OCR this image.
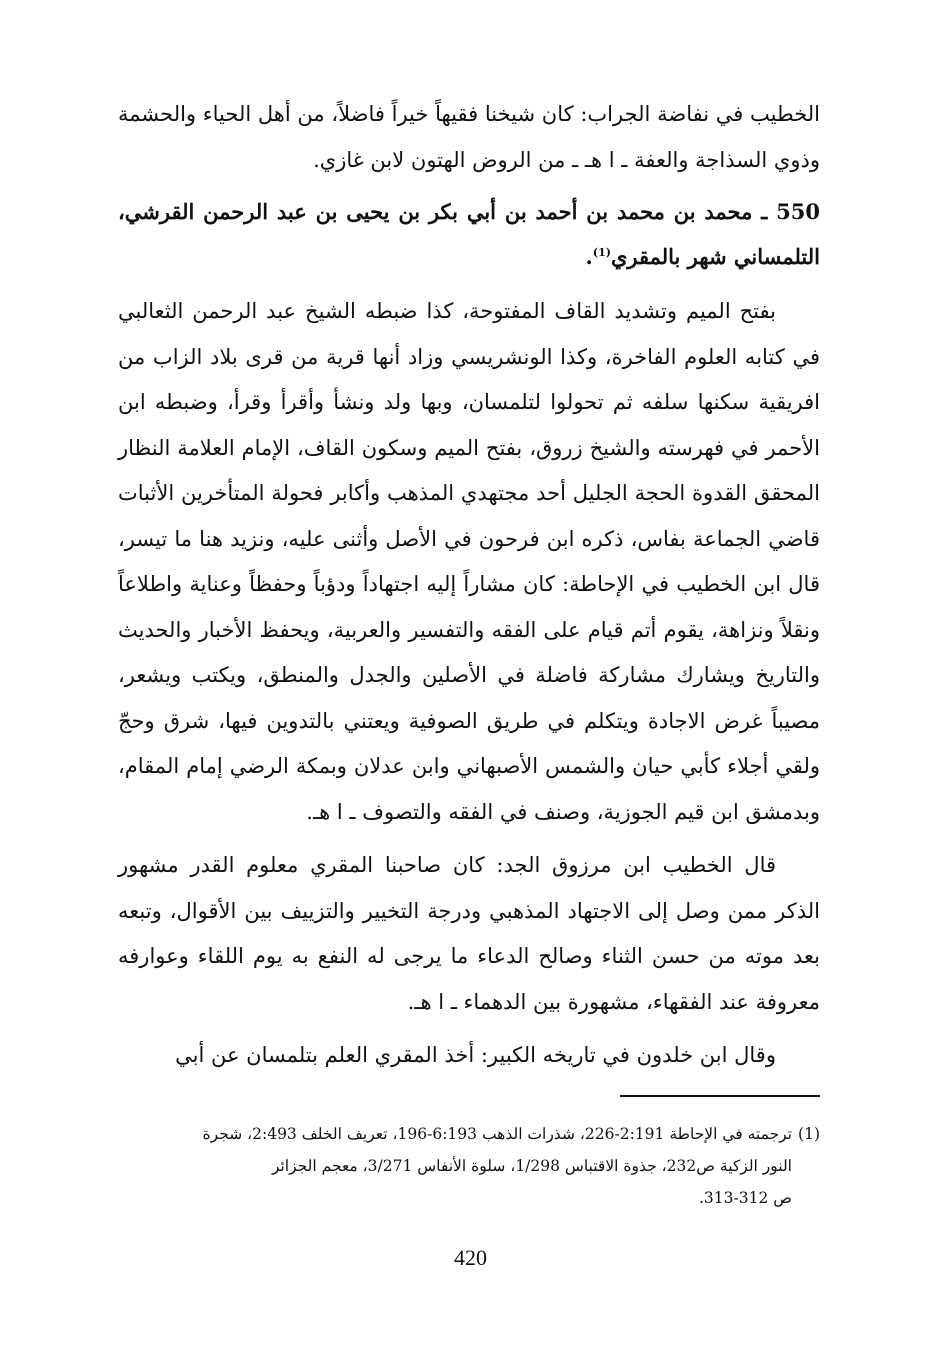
الخطيب في نفاضة الجراب: كان شيخنا فقيهاً خيراً فاضلاً، من أهل الحياء والحشمة وذوي السذاجة والعفة ـ ا هـ ـ من الروض الهتون لابن غازي.

550 ـ محمد بن محمد بن أحمد بن أبي بكر بن يحيى بن عبد الرحمن القرشي، التلمساني شهر بالمقري$^{(1)}$.

بفتح الميم وتشديد القاف المفتوحة، كذا ضبطه الشيخ عبد الرحمن الثعالبي في كتابه العلوم الفاخرة، وكذا الونشريسي وزاد أنها قرية من قرى بلاد الزاب من افريقية سكنها سلفه ثم تحولوا لتلمسان، وبها ولد ونشأ وأقرأ وقرأ، وضبطه ابن الأحمر في فهرسته والشيخ زروق، بفتح الميم وسكون القاف، الإمام العلامة النظار المحقق القدوة الحجة الجليل أحد مجتهدي المذهب وأكابر فحولة المتأخرين الأثبات قاضي الجماعة بفاس، ذكره ابن فرحون في الأصل وأثنى عليه، ونزيد هنا ما تيسر، قال ابن الخطيب في الإحاطة: كان مشاراً إليه اجتهاداً ودؤباً وحفظاً وعناية واطلاعاً ونقلاً ونزاهة، يقوم أتم قيام على الفقه والتفسير والعربية، ويحفظ الأخبار والحديث والتاريخ ويشارك مشاركة فاضلة في الأصلين والجدل والمنطق، ويكتب ويشعر، مصيباً غرض الاجادة ويتكلم في طريق الصوفية ويعتني بالتدوين فيها، شرق وحجّ ولقي أجلاء كأبي حيان والشمس الأصبهاني وابن عدلان وبمكة الرضي إمام المقام، وبدمشق ابن قيم الجوزية، وصنف في الفقه والتصوف ـ ا هـ.

قال الخطيب ابن مرزوق الجد: كان صاحبنا المقري معلوم القدر مشهور الذكر ممن وصل إلى الاجتهاد المذهبي ودرجة التخيير والتزييف بين الأقوال، وتبعه بعد موته من حسن الثناء وصالح الدعاء ما يرجى له النفع به يوم اللقاء وعوارفه معروفة عند الفقهاء، مشهورة بين الدهماء ـ ا هـ.

وقال ابن خلدون في تاريخه الكبير: أخذ المقري العلم بتلمسان عن أبي

(1)ترجمته في الإحاطة 2:191-226، شذرات الذهب 6:193-196، تعريف الخلف 2:493، شجرة
النور الزكية ص232، جذوة الاقتباس 1/298، سلوة الأنفاس 3/271، معجم الجزائر
ص 312-313.
420
